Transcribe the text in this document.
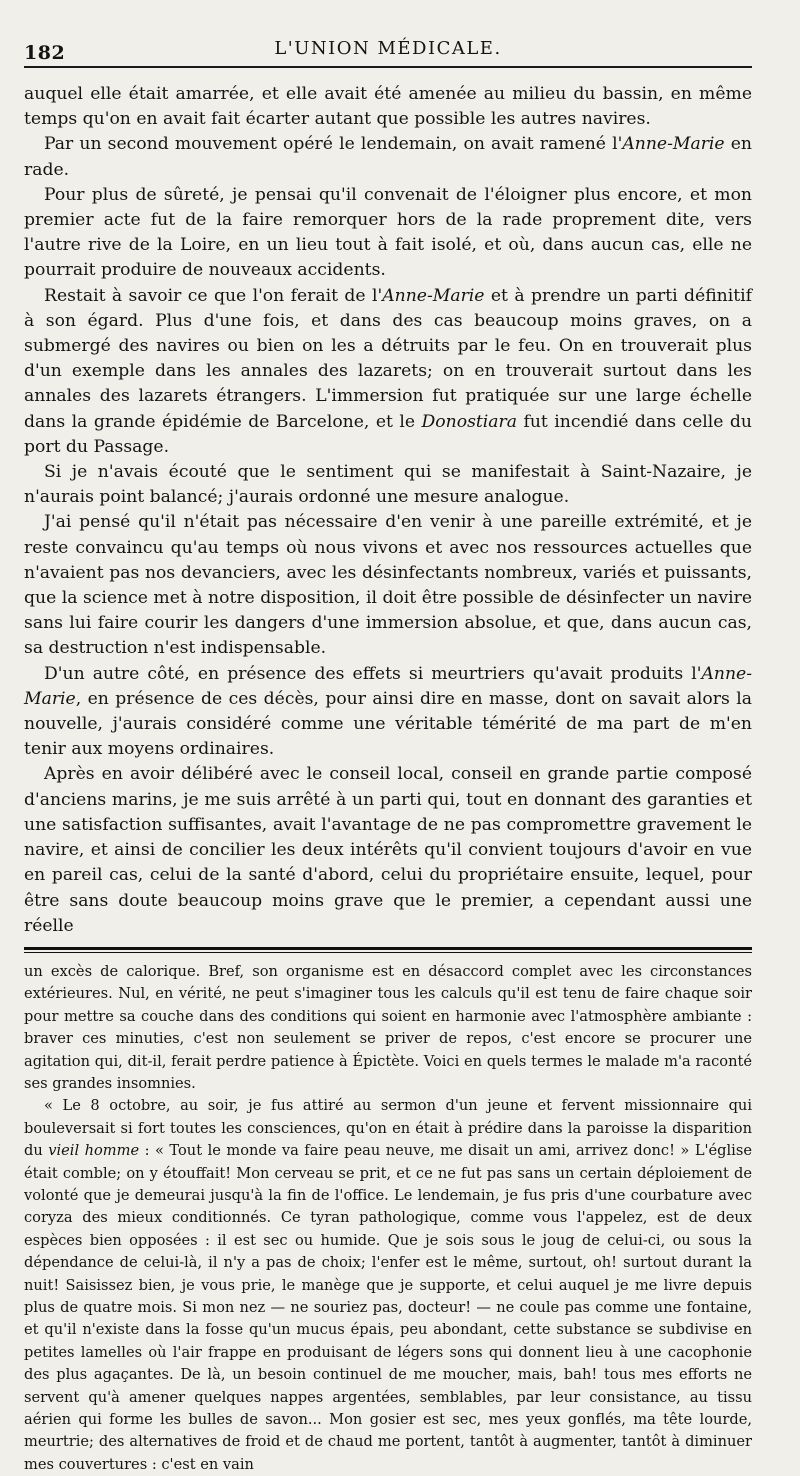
182	L'UNION MÉDICALE.

auquel elle était amarrée, et elle avait été amenée au milieu du bassin, en même temps qu'on en avait fait écarter autant que possible les autres navires.

Par un second mouvement opéré le lendemain, on avait ramené l'Anne-Marie en rade.

Pour plus de sûreté, je pensai qu'il convenait de l'éloigner plus encore, et mon premier acte fut de la faire remorquer hors de la rade proprement dite, vers l'autre rive de la Loire, en un lieu tout à fait isolé, et où, dans aucun cas, elle ne pourrait produire de nouveaux accidents.

Restait à savoir ce que l'on ferait de l'Anne-Marie et à prendre un parti définitif à son égard. Plus d'une fois, et dans des cas beaucoup moins graves, on a submergé des navires ou bien on les a détruits par le feu. On en trouverait plus d'un exemple dans les annales des lazarets; on en trouverait surtout dans les annales des lazarets étrangers. L'immersion fut pratiquée sur une large échelle dans la grande épidémie de Barcelone, et le Donostiara fut incendié dans celle du port du Passage.

Si je n'avais écouté que le sentiment qui se manifestait à Saint-Nazaire, je n'aurais point balancé; j'aurais ordonné une mesure analogue.

J'ai pensé qu'il n'était pas nécessaire d'en venir à une pareille extrémité, et je reste convaincu qu'au temps où nous vivons et avec nos ressources actuelles que n'avaient pas nos devanciers, avec les désinfectants nombreux, variés et puissants, que la science met à notre disposition, il doit être possible de désinfecter un navire sans lui faire courir les dangers d'une immersion absolue, et que, dans aucun cas, sa destruction n'est indispensable.

D'un autre côté, en présence des effets si meurtriers qu'avait produits l'Anne-Marie, en présence de ces décès, pour ainsi dire en masse, dont on savait alors la nouvelle, j'aurais considéré comme une véritable témérité de ma part de m'en tenir aux moyens ordinaires.

Après en avoir délibéré avec le conseil local, conseil en grande partie composé d'anciens marins, je me suis arrêté à un parti qui, tout en donnant des garanties et une satisfaction suffisantes, avait l'avantage de ne pas compromettre gravement le navire, et ainsi de concilier les deux intérêts qu'il convient toujours d'avoir en vue en pareil cas, celui de la santé d'abord, celui du propriétaire ensuite, lequel, pour être sans doute beaucoup moins grave que le premier, a cependant aussi une réelle

un excès de calorique. Bref, son organisme est en désaccord complet avec les circonstances extérieures. Nul, en vérité, ne peut s'imaginer tous les calculs qu'il est tenu de faire chaque soir pour mettre sa couche dans des conditions qui soient en harmonie avec l'atmosphère ambiante : braver ces minuties, c'est non seulement se priver de repos, c'est encore se procurer une agitation qui, dit-il, ferait perdre patience à Épictète. Voici en quels termes le malade m'a raconté ses grandes insomnies.

« Le 8 octobre, au soir, je fus attiré au sermon d'un jeune et fervent missionnaire qui bouleversait si fort toutes les consciences, qu'on en était à prédire dans la paroisse la disparition du vieil homme : « Tout le monde va faire peau neuve, me disait un ami, arrivez donc! » L'église était comble; on y étouffait! Mon cerveau se prit, et ce ne fut pas sans un certain déploiement de volonté que je demeurai jusqu'à la fin de l'office. Le lendemain, je fus pris d'une courbature avec coryza des mieux conditionnés. Ce tyran pathologique, comme vous l'appelez, est de deux espèces bien opposées : il est sec ou humide. Que je sois sous le joug de celui-ci, ou sous la dépendance de celui-là, il n'y a pas de choix; l'enfer est le même, surtout, oh! surtout durant la nuit! Saisissez bien, je vous prie, le manège que je supporte, et celui auquel je me livre depuis plus de quatre mois. Si mon nez — ne souriez pas, docteur! — ne coule pas comme une fontaine, et qu'il n'existe dans la fosse qu'un mucus épais, peu abondant, cette substance se subdivise en petites lamelles où l'air frappe en produisant de légers sons qui donnent lieu à une cacophonie des plus agaçantes. De là, un besoin continuel de me moucher, mais, bah! tous mes efforts ne servent qu'à amener quelques nappes argentées, semblables, par leur consistance, au tissu aérien qui forme les bulles de savon... Mon gosier est sec, mes yeux gonflés, ma tête lourde, meurtrie; des alternatives de froid et de chaud me portent, tantôt à augmenter, tantôt à diminuer mes couvertures : c'est en vain
